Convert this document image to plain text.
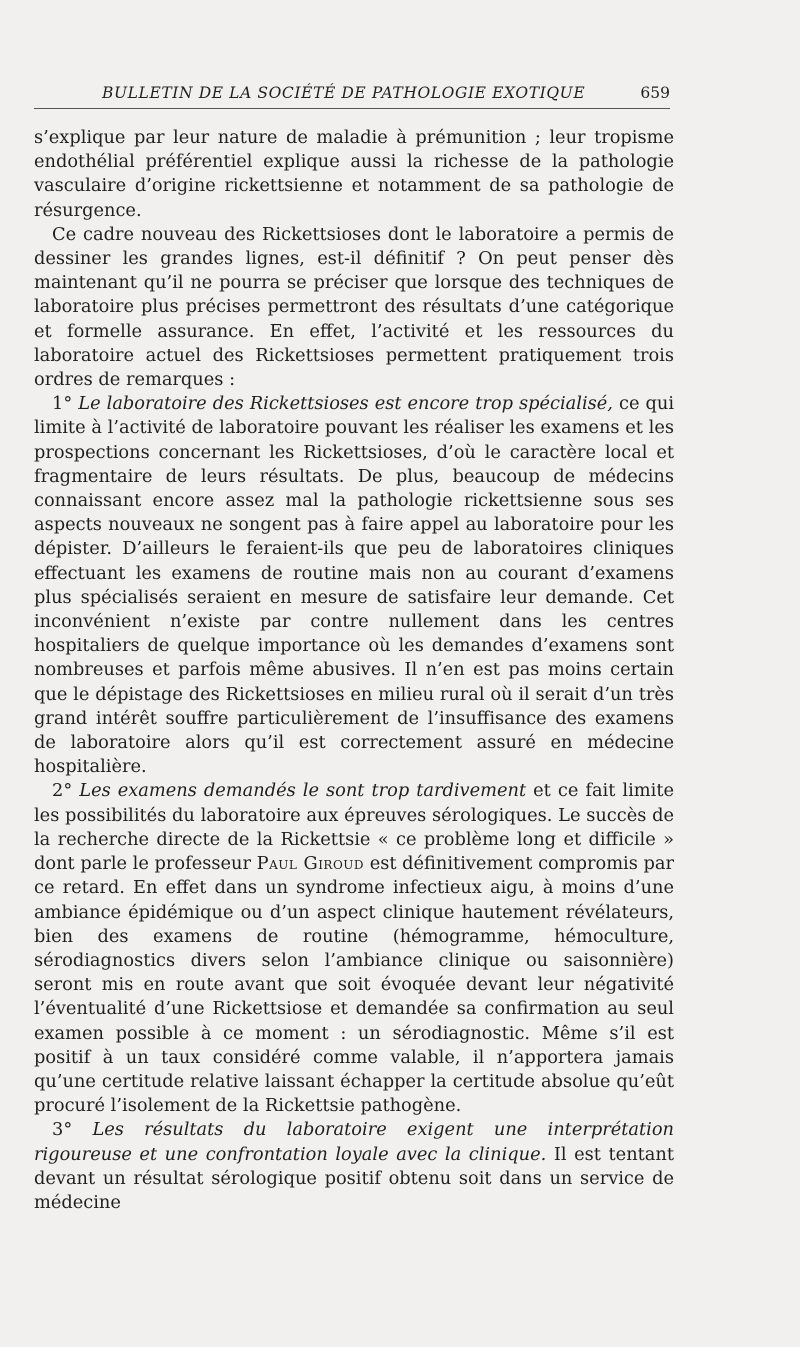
BULLETIN DE LA SOCIÉTÉ DE PATHOLOGIE EXOTIQUE	659

s’explique par leur nature de maladie à prémunition ; leur tropisme endothélial préférentiel explique aussi la richesse de la pathologie vasculaire d’origine rickettsienne et notamment de sa pathologie de résurgence.

Ce cadre nouveau des Rickettsioses dont le laboratoire a permis de dessiner les grandes lignes, est-il définitif ? On peut penser dès maintenant qu’il ne pourra se préciser que lorsque des techniques de laboratoire plus précises permettront des résultats d’une catégorique et formelle assurance. En effet, l’activité et les ressources du laboratoire actuel des Rickettsioses permettent pratiquement trois ordres de remarques :

1° Le laboratoire des Rickettsioses est encore trop spécialisé, ce qui limite à l’activité de laboratoire pouvant les réaliser les examens et les prospections concernant les Rickettsioses, d’où le caractère local et fragmentaire de leurs résultats. De plus, beaucoup de médecins connaissant encore assez mal la pathologie rickettsienne sous ses aspects nouveaux ne songent pas à faire appel au laboratoire pour les dépister. D’ailleurs le feraient-ils que peu de laboratoires cliniques effectuant les examens de routine mais non au courant d’examens plus spécialisés seraient en mesure de satisfaire leur demande. Cet inconvénient n’existe par contre nullement dans les centres hospitaliers de quelque importance où les demandes d’examens sont nombreuses et parfois même abusives. Il n’en est pas moins certain que le dépistage des Rickettsioses en milieu rural où il serait d’un très grand intérêt souffre particulièrement de l’insuffisance des examens de laboratoire alors qu’il est correctement assuré en médecine hospitalière.

2° Les examens demandés le sont trop tardivement et ce fait limite les possibilités du laboratoire aux épreuves sérologiques. Le succès de la recherche directe de la Rickettsie « ce problème long et difficile » dont parle le professeur Paul Giroud est définitivement compromis par ce retard. En effet dans un syndrome infectieux aigu, à moins d’une ambiance épidémique ou d’un aspect clinique hautement révélateurs, bien des examens de routine (hémogramme, hémoculture, sérodiagnostics divers selon l’ambiance clinique ou saisonnière) seront mis en route avant que soit évoquée devant leur négativité l’éventualité d’une Rickettsiose et demandée sa confirmation au seul examen possible à ce moment : un sérodiagnostic. Même s’il est positif à un taux considéré comme valable, il n’apportera jamais qu’une certitude relative laissant échapper la certitude absolue qu’eût procuré l’isolement de la Rickettsie pathogène.

3° Les résultats du laboratoire exigent une interprétation rigoureuse et une confrontation loyale avec la clinique. Il est tentant devant un résultat sérologique positif obtenu soit dans un service de médecine
